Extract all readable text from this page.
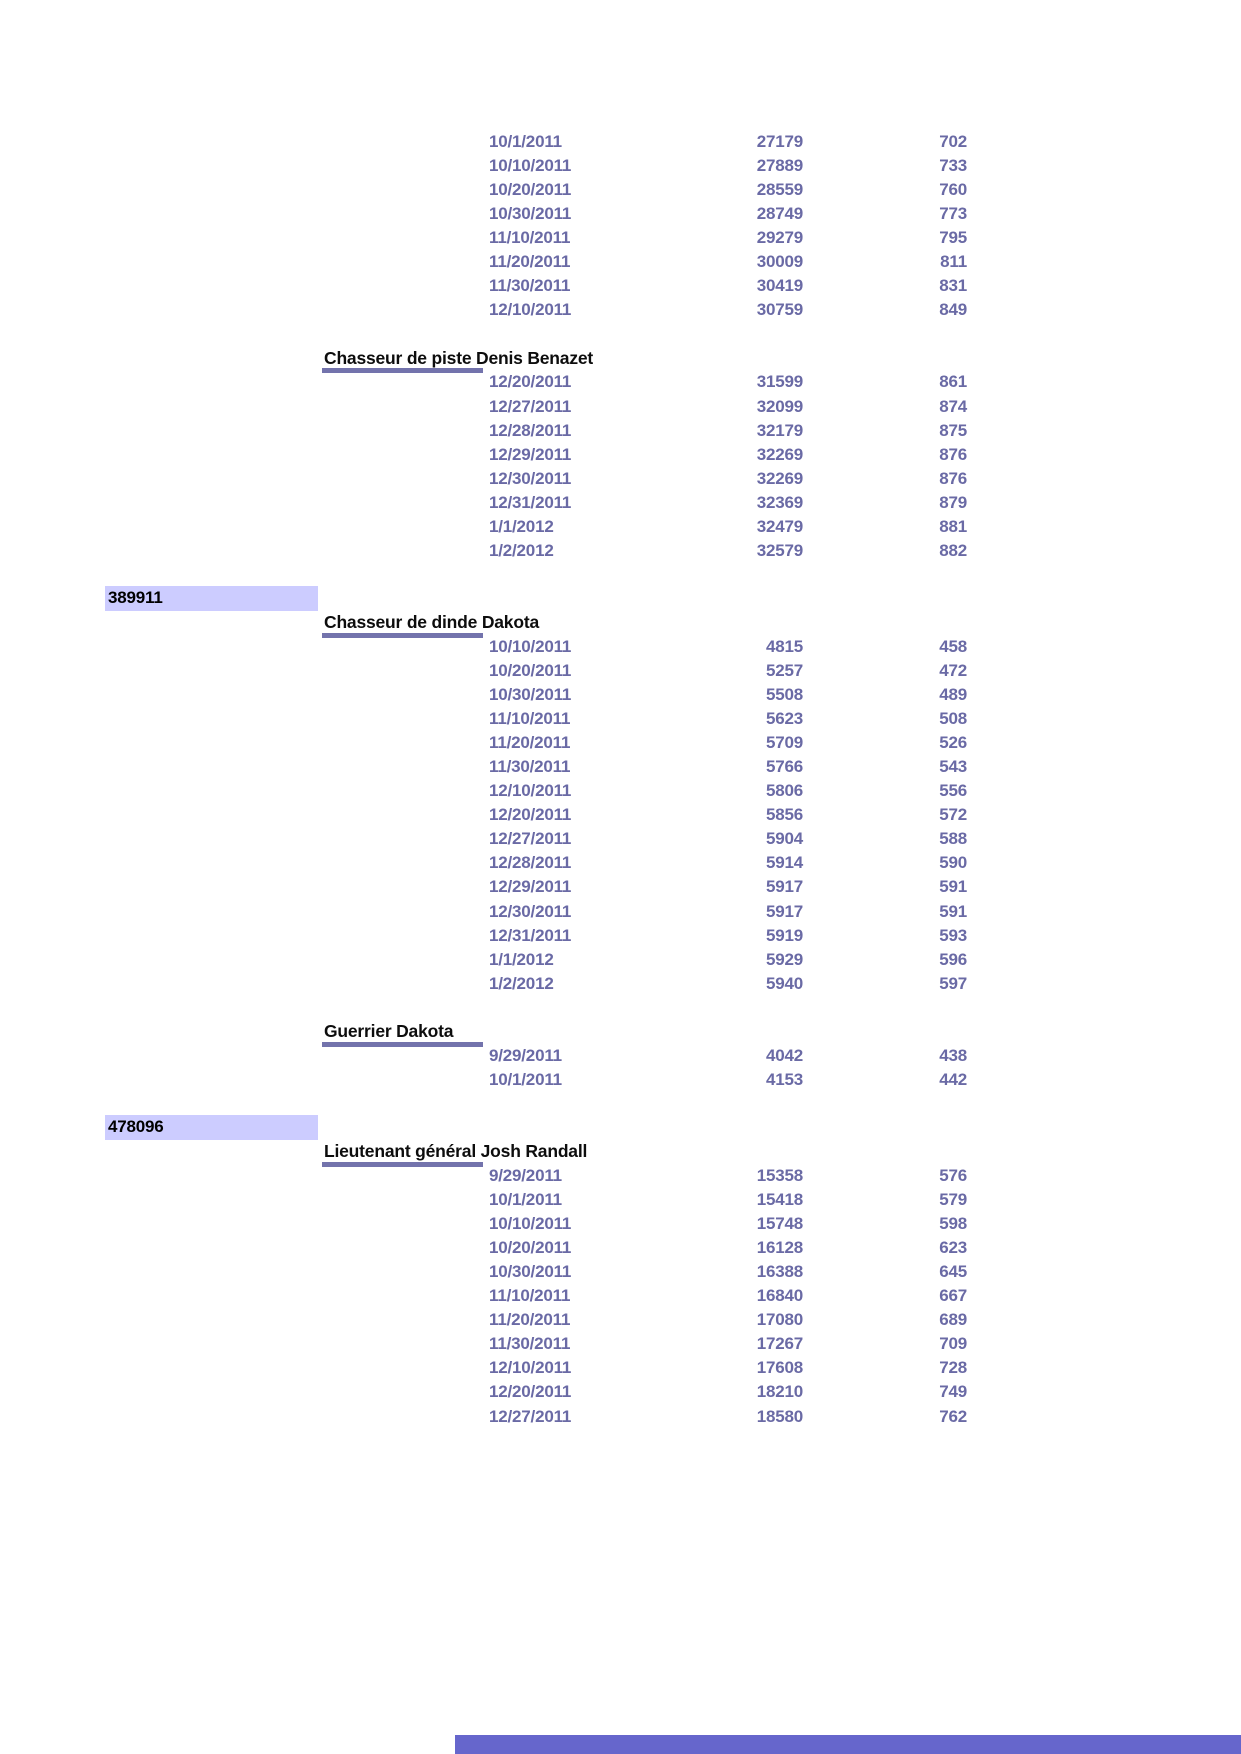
10/1/2011	27179	702
10/10/2011	27889	733
10/20/2011	28559	760
10/30/2011	28749	773
11/10/2011	29279	795
11/20/2011	30009	811
11/30/2011	30419	831
12/10/2011	30759	849
Chasseur de piste Denis Benazet
12/20/2011	31599	861
12/27/2011	32099	874
12/28/2011	32179	875
12/29/2011	32269	876
12/30/2011	32269	876
12/31/2011	32369	879
1/1/2012	32479	881
1/2/2012	32579	882
389911
Chasseur de dinde Dakota
10/10/2011	4815	458
10/20/2011	5257	472
10/30/2011	5508	489
11/10/2011	5623	508
11/20/2011	5709	526
11/30/2011	5766	543
12/10/2011	5806	556
12/20/2011	5856	572
12/27/2011	5904	588
12/28/2011	5914	590
12/29/2011	5917	591
12/30/2011	5917	591
12/31/2011	5919	593
1/1/2012	5929	596
1/2/2012	5940	597
Guerrier Dakota
9/29/2011	4042	438
10/1/2011	4153	442
478096
Lieutenant général Josh Randall
9/29/2011	15358	576
10/1/2011	15418	579
10/10/2011	15748	598
10/20/2011	16128	623
10/30/2011	16388	645
11/10/2011	16840	667
11/20/2011	17080	689
11/30/2011	17267	709
12/10/2011	17608	728
12/20/2011	18210	749
12/27/2011	18580	762
